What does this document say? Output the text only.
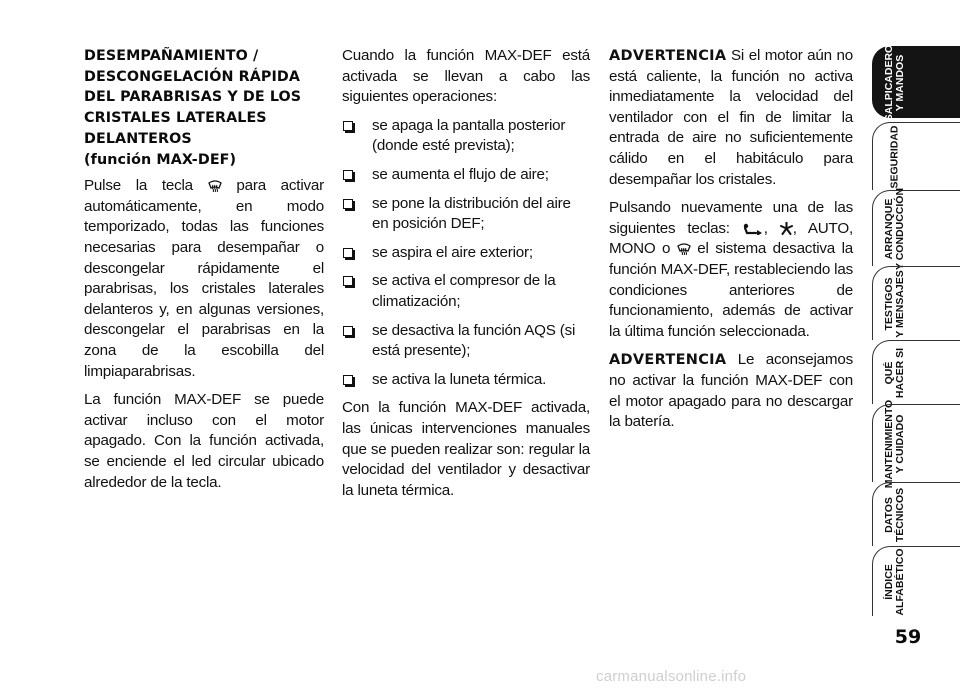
DESEMPAÑAMIENTO /
DESCONGELACIÓN RÁPIDA
DEL PARABRISAS Y DE LOS
CRISTALES LATERALES
DELANTEROS
(función MAX-DEF)

Pulse la tecla  para activar automáticamente, en modo temporizado, todas las funciones necesarias para desempañar o descongelar rápidamente el parabrisas, los cristales laterales delanteros y, en algunas versiones, descongelar el parabrisas en la zona de la escobilla del limpiaparabrisas.

La función MAX-DEF se puede activar incluso con el motor apagado. Con la función activada, se enciende el led circular ubicado alrededor de la tecla.

Cuando la función MAX-DEF está activada se llevan a cabo las siguientes operaciones:

se apaga la pantalla posterior (donde esté prevista);
se aumenta el flujo de aire;
se pone la distribución del aire en posición DEF;
se aspira el aire exterior;
se activa el compresor de la climatización;
se desactiva la función AQS (si está presente);
se activa la luneta térmica.

Con la función MAX-DEF activada, las únicas intervenciones manuales que se pueden realizar son: regular la velocidad del ventilador y desactivar la luneta térmica.

ADVERTENCIA Si el motor aún no está caliente, la función no activa inmediatamente la velocidad del ventilador con el fin de limitar la entrada de aire no suficientemente cálido en el habitáculo para desempañar los cristales.

Pulsando nuevamente una de las siguientes teclas: , , AUTO, MONO o  el sistema desactiva la función MAX-DEF, restableciendo las condiciones anteriores de funcionamiento, además de activar la última función seleccionada.

ADVERTENCIA Le aconsejamos no activar la función MAX-DEF con el motor apagado para no descargar la batería.

SALPICADERO
Y MANDOS
SEGURIDAD
ARRANQUE
Y CONDUCCIÓN
TESTIGOS
Y MENSAJES
QUÉ
HACER SI
MANTENIMIENTO
Y CUIDADO
DATOS
TÉCNICOS
ÍNDICE
ALFABÉTICO
59
carmanualsonline.info
